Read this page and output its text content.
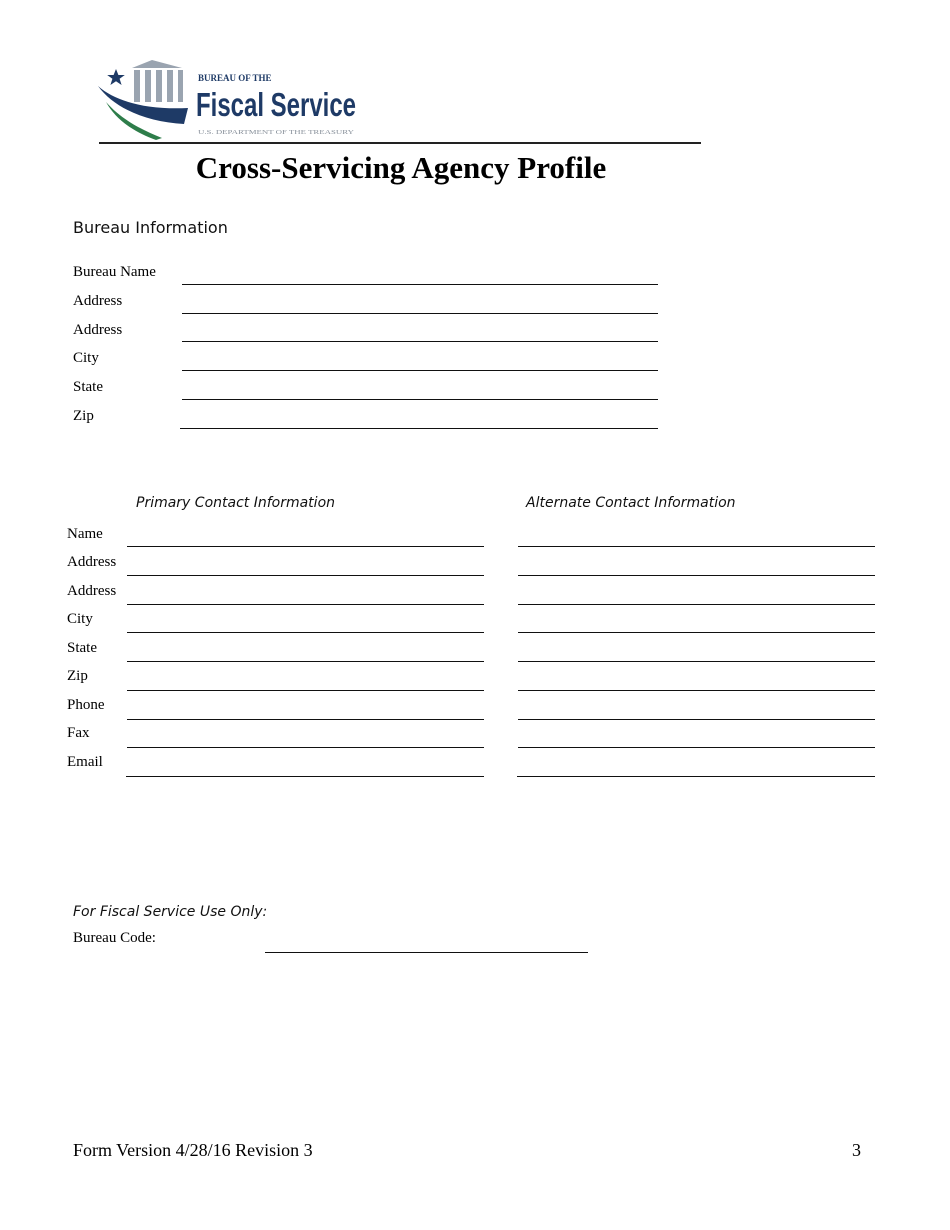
BUREAU OF THE
Fiscal Service
U.S. DEPARTMENT OF THE TREASURY
Cross-Servicing Agency Profile
Bureau Information
Bureau Name
Address
Address
City
State
Zip
Primary Contact Information	Alternate Contact Information
Name
Address
Address
City
State
Zip
Phone
Fax
Email
For Fiscal Service Use Only:
Bureau Code:
Form Version 4/28/16 Revision 3	3
